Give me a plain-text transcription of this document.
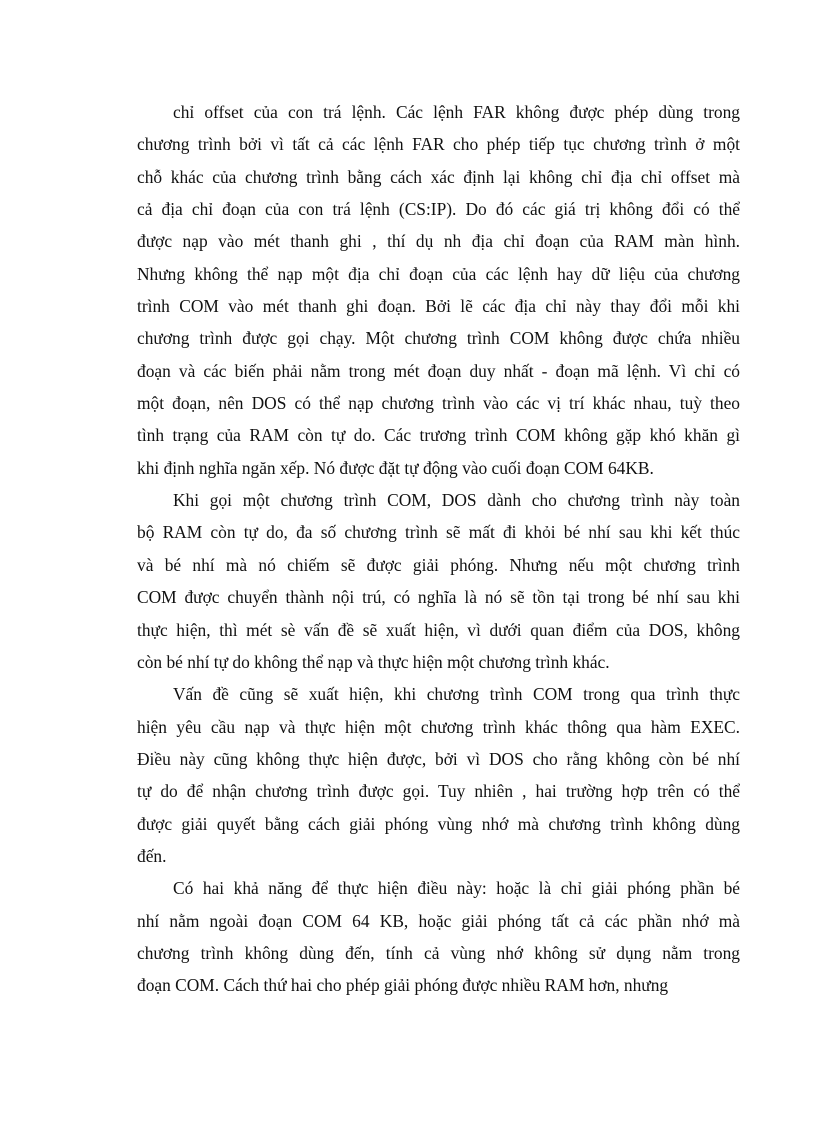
chỉ offset của con trá lệnh. Các lệnh FAR không được phép dùng trong
chương trình bởi vì tất cả các lệnh FAR cho phép tiếp tục chương trình ở một
chỗ khác của chương trình bằng cách xác định lại không chỉ địa chỉ offset mà
cả địa chỉ đoạn của con trá lệnh (CS:IP). Do đó các giá trị không đổi có thể
được nạp vào mét thanh ghi , thí dụ nh địa chỉ đoạn của RAM màn hình.
Nhưng không thể nạp một địa chỉ đoạn của các lệnh hay dữ liệu của chương
trình COM vào mét thanh ghi đoạn. Bởi lẽ các địa chỉ này thay đổi mỗi khi
chương trình được gọi chạy. Một chương trình COM không được chứa nhiều
đoạn và các biến phải nằm trong mét đoạn duy nhất - đoạn mã lệnh. Vì chỉ có
một đoạn, nên DOS có thể nạp chương trình vào các vị trí khác nhau, tuỳ theo
tình trạng của RAM còn tự do. Các trương trình COM không gặp khó khăn gì
khi định nghĩa ngăn xếp. Nó được đặt tự động vào cuối đoạn COM 64KB.

Khi gọi một chương trình COM, DOS dành cho chương trình này toàn
bộ RAM còn tự do, đa số chương trình sẽ mất đi khỏi bé nhí sau khi kết thúc
và bé nhí mà nó chiếm sẽ được giải phóng. Nhưng nếu một chương trình
COM được chuyển thành nội trú, có nghĩa là nó sẽ tồn tại trong bé nhí sau khi
thực hiện, thì mét sè vấn đề sẽ xuất hiện, vì dưới quan điểm của DOS, không
còn bé nhí tự do không thể nạp và thực hiện một chương trình khác.

Vấn đề cũng sẽ xuất hiện, khi chương trình COM trong qua trình thực
hiện yêu cầu nạp và thực hiện một chương trình khác thông qua hàm EXEC.
Điều này cũng không thực hiện được, bởi vì DOS cho rằng không còn bé nhí
tự do để nhận chương trình được gọi. Tuy nhiên , hai trường hợp trên có thể
được giải quyết bằng cách giải phóng vùng nhớ mà chương trình không dùng
đến.

Có hai khả năng để thực hiện điều này: hoặc là chỉ giải phóng phần bé
nhí nằm ngoài đoạn COM 64 KB, hoặc giải phóng tất cả các phần nhớ mà
chương trình không dùng đến, tính cả vùng nhớ không sử dụng nằm trong
đoạn COM. Cách thứ hai cho phép giải phóng được nhiều RAM hơn, nhưng
